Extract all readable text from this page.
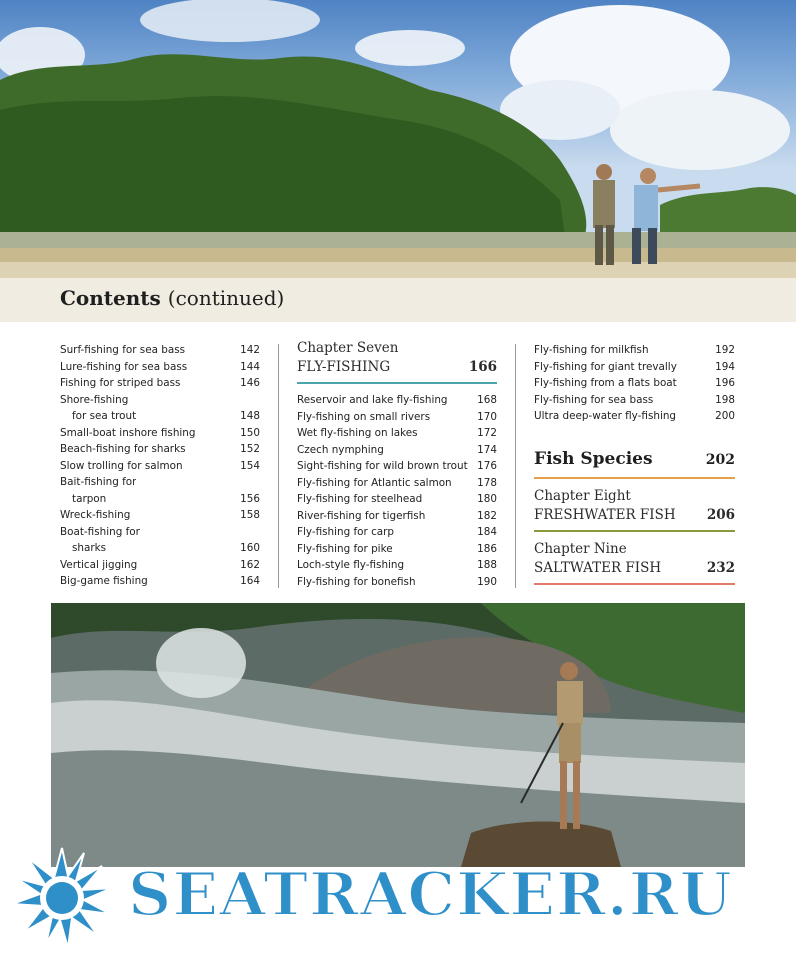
Contents (continued)
Surf-fishing for sea bass	142
Lure-fishing for sea bass	144
Fishing for striped bass	146
Shore-fishing
for sea trout	148
Small-boat inshore fishing	150
Beach-fishing for sharks	152
Slow trolling for salmon	154
Bait-fishing for
tarpon	156
Wreck-fishing	158
Boat-fishing for
sharks	160
Vertical jigging	162
Big-game fishing	164
Chapter Seven
FLY-FISHING	166
Reservoir and lake fly-fishing	168
Fly-fishing on small rivers	170
Wet fly-fishing on lakes	172
Czech nymphing	174
Sight-fishing for wild brown trout 176
Fly-fishing for Atlantic salmon	178
Fly-fishing for steelhead	180
River-fishing for tigerfish	182
Fly-fishing for carp	184
Fly-fishing for pike	186
Loch-style fly-fishing	188
Fly-fishing for bonefish	190
Fly-fishing for milkfish	192
Fly-fishing for giant trevally	194
Fly-fishing from a flats boat	196
Fly-fishing for sea bass	198
Ultra deep-water fly-fishing	200
Fish Species	202
Chapter Eight
FRESHWATER FISH 206
Chapter Nine
SALTWATER FISH	232
SEATRACKER.RU
